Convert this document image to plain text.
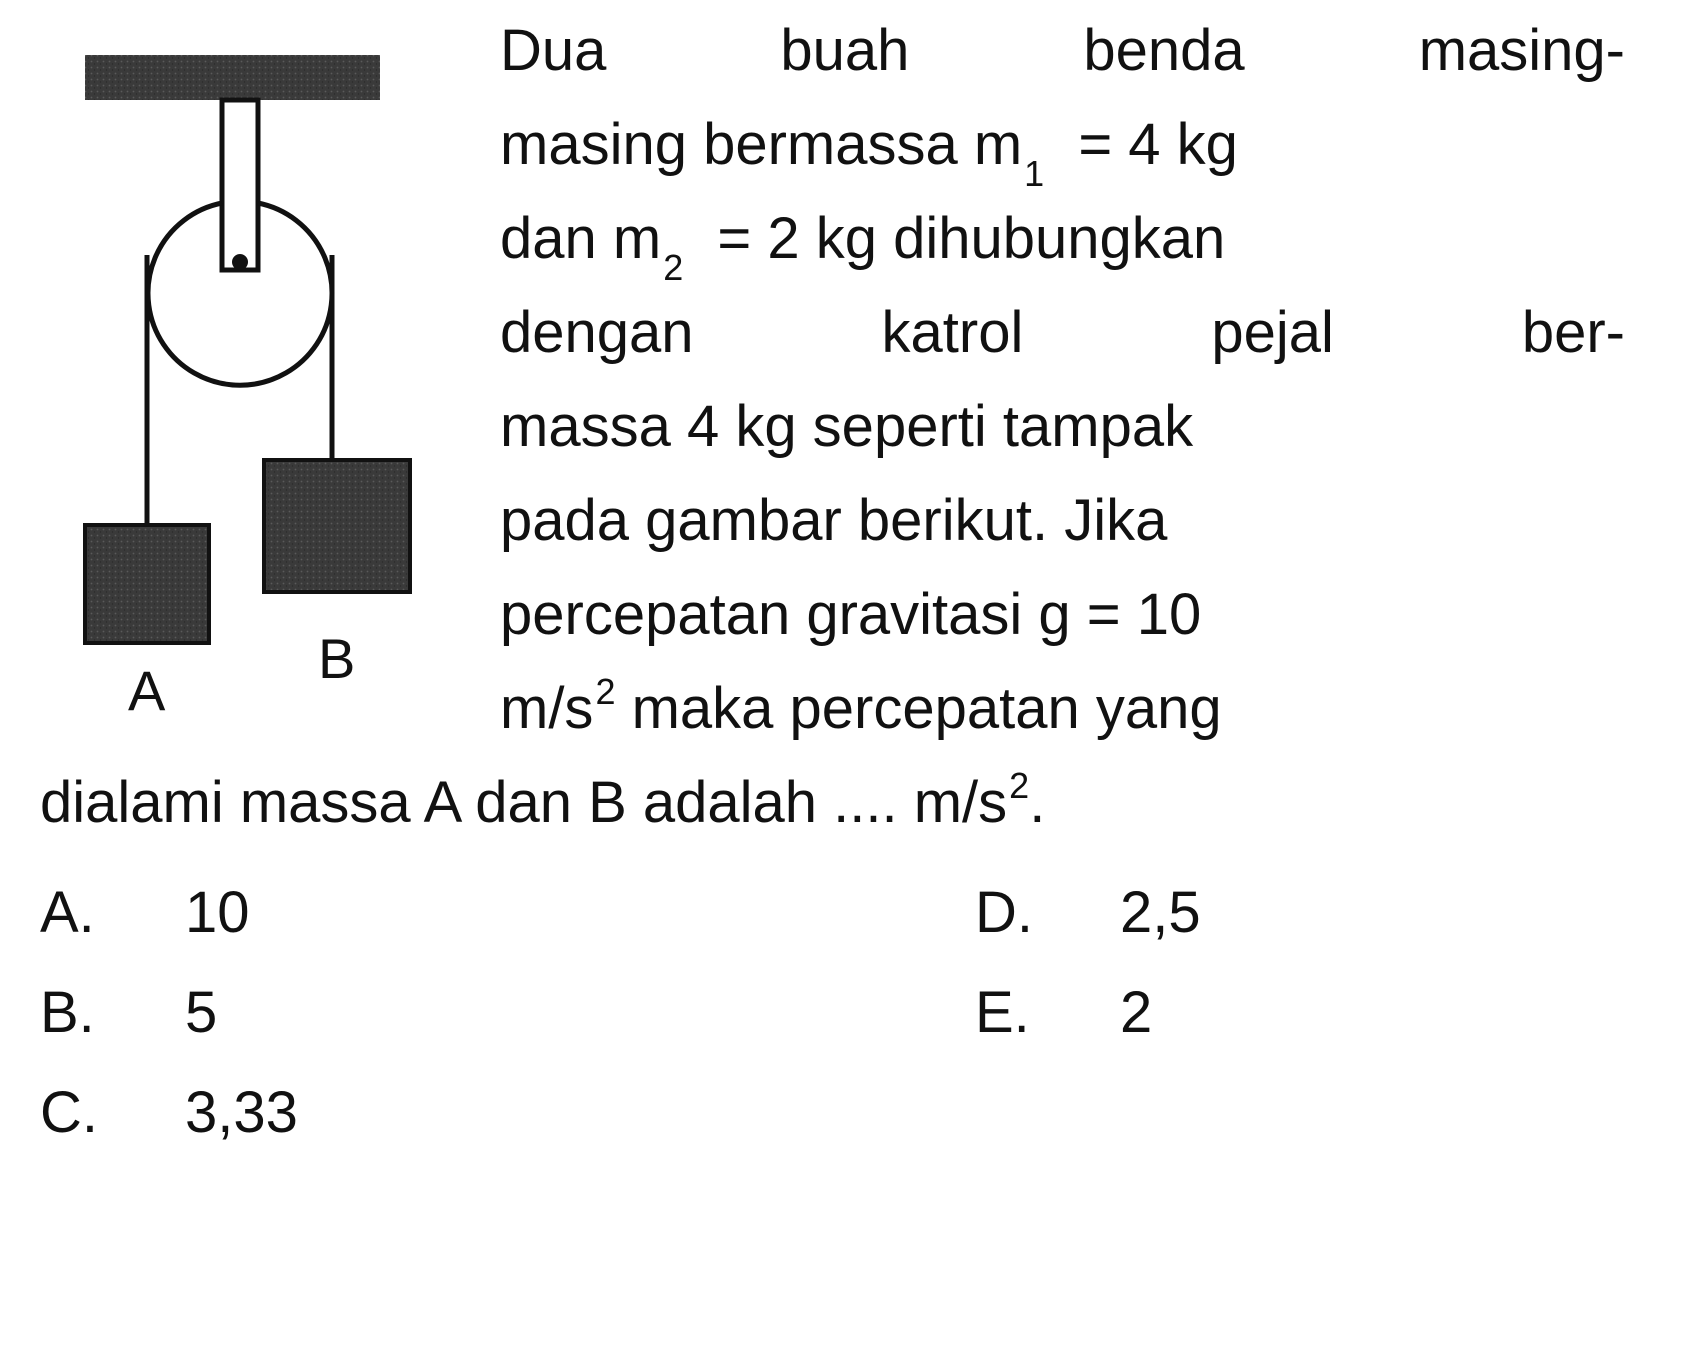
A
B
Dua	buah	benda	masing-
masing bermassa $m_1 = 4$ kg
dan $m_2 = 2$ kg dihubungkan
dengan	katrol	pejal	ber-
massa 4 kg seperti tampak
pada gambar berikut. Jika
percepatan gravitasi g = 10
$m/s^2$ maka percepatan yang
dialami massa A dan B adalah .... $m/s^2$.
A. 10
B. 5
C. 3,33
D. 2,5
E. 2
